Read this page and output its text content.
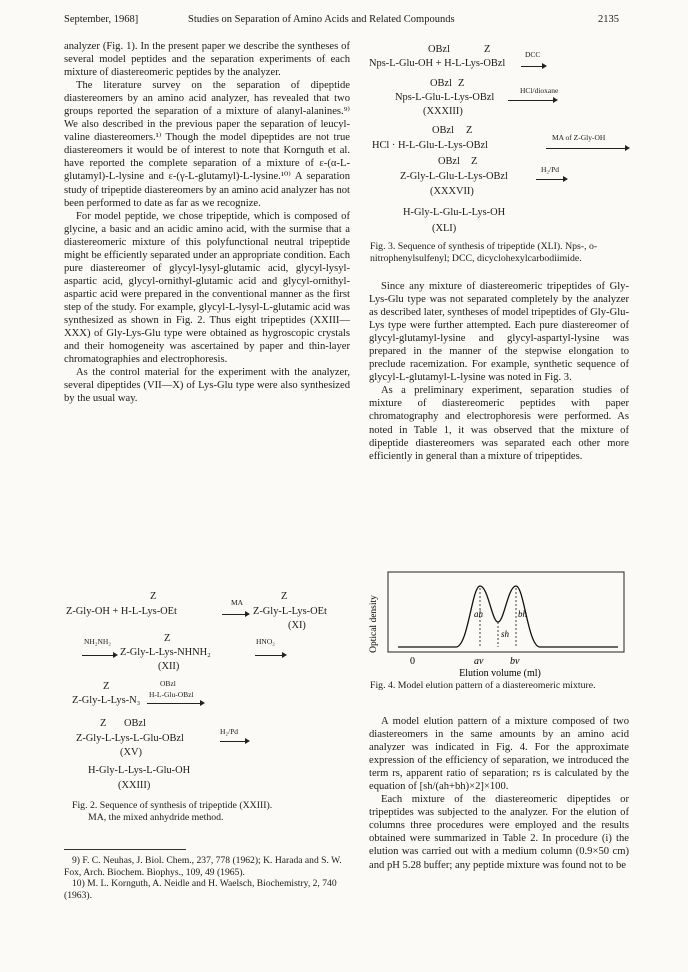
September, 1968]	Studies on Separation of Amino Acids and Related Compounds	2135

analyzer (Fig. 1). In the present paper we describe the syntheses of several model peptides and the separation experiments of each mixture of diastereomeric peptides by the analyzer.

The literature survey on the separation of dipeptide diastereomers by an amino acid analyzer, has revealed that two groups reported the separation of a mixture of alanyl-alanines.⁹⁾ We also described in the previous paper the separation of leucyl-valine diastereomers.¹⁾ Though the model dipeptides are not true diastereomers it would be of interest to note that Kornguth et al. have reported the complete separation of a mixture of ε-(α-L-glutamyl)-L-lysine and ε-(γ-L-glutamyl)-L-lysine.¹⁰⁾ A separation study of tripeptide diastereomers by an amino acid analyzer has not been performed to date as far as we recognize.

For model peptide, we chose tripeptide, which is composed of glycine, a basic and an acidic amino acid, with the surmise that a diastereomeric mixture of this polyfunctional neutral tripeptide might be efficiently separated under an appropriate condition. Each pure diastereomer of glycyl-lysyl-glutamic acid, glycyl-lysyl-aspartic acid, glycyl-ornithyl-glutamic acid and glycyl-ornithyl-aspartic acid were prepared in the conventional manner as the first step of the study. For example, glycyl-L-lysyl-L-glutamic acid was synthesized as shown in Fig. 2. Thus eight tripeptides (XXIII—XXX) of Gly-Lys-Glu type were obtained as hygroscopic crystals and their homogeneity was ascertained by paper and thin-layer chromatographies and electrophoresis.

As the control material for the experiment with the analyzer, several dipeptides (VII—X) of Lys-Glu type were also synthesized by the usual way.

Z
MA
Z
Z-Gly-OH + H-L-Lys-OEt	→ Z-Gly-L-Lys-OEt
(XI)
NH₂NH₂	Z	HNO₂
→ Z-Gly-L-Lys-NHNH₂
(XII)
OBzl
Z
H-L-Glu-OBzl
Z-Gly-L-Lys-N₃ →
Z OBzl
H₂/Pd
Z-Gly-L-Lys-L-Glu-OBzl
(XV)
H-Gly-L-Lys-L-Glu-OH
(XXIII)
Fig. 2. Sequence of synthesis of tripeptide (XXIII).
MA, the mixed anhydride method.
9) F. C. Neuhas, J. Biol. Chem., 237, 778 (1962); K. Harada and S. W. Fox, Arch. Biochem. Biophys., 109, 49 (1965).
10) M. L. Kornguth, A. Neidle and H. Waelsch, Biochemistry, 2, 740 (1963).
OBzl	Z	DCC
Nps-L-Glu-OH + H-L-Lys-OBzl →
OBzl Z
HCl/dioxane
Nps-L-Glu-L-Lys-OBzl →
(XXXIII)
OBzl Z
MA of Z-Gly-OH
HCl · H-L-Glu-L-Lys-OBzl
OBzl Z
H₂/Pd
Z-Gly-L-Glu-L-Lys-OBzl
(XXXVII)
H-Gly-L-Glu-L-Lys-OH
(XLI)
Fig. 3. Sequence of synthesis of tripeptide (XLI). Nps-, o-nitrophenylsulfenyl; DCC, dicyclohexylcarbodiimide.

Since any mixture of diastereomeric tripeptides of Gly-Lys-Glu type was not separated completely by the analyzer as described later, syntheses of model tripeptides of Gly-Glu-Lys type were further attempted. Each pure diastereomer of glycyl-glutamyl-lysine and glycyl-aspartyl-lysine was prepared in the manner of the stepwise elongation to preclude racemization. For example, synthetic sequence of glycyl-L-glutamyl-L-lysine was noted in Fig. 3.

As a preliminary experiment, separation studies of mixture of diastereomeric peptides with paper chromatography and electrophoresis were performed. As noted in Table 1, it was observed that the mixture of dipeptide diastereomers was separated each other more efficiently in general than a mixture of tripeptides.

Optical density	ah	bh
sh
0	av	bv
Elution volume (ml)
Fig. 4. Model elution pattern of a diastereomeric mixture.

A model elution pattern of a mixture composed of two diastereomers in the same amounts by an amino acid analyzer was indicated in Fig. 4. For the approximate expression of the efficiency of separation, we introduced the term rs, apparent ratio of separation; rs is calculated by the equation of [sh/(ah+bh)×2]×100.

Each mixture of the diastereomeric dipeptides or tripeptides was subjected to the analyzer. For the elution of columns three procedures were employed and the results obtained were summarized in Table 2. In procedure (i) the elution was carried out with a medium column (0.9×50 cm) and pH 5.28 buffer; any peptide mixture was found not to be
